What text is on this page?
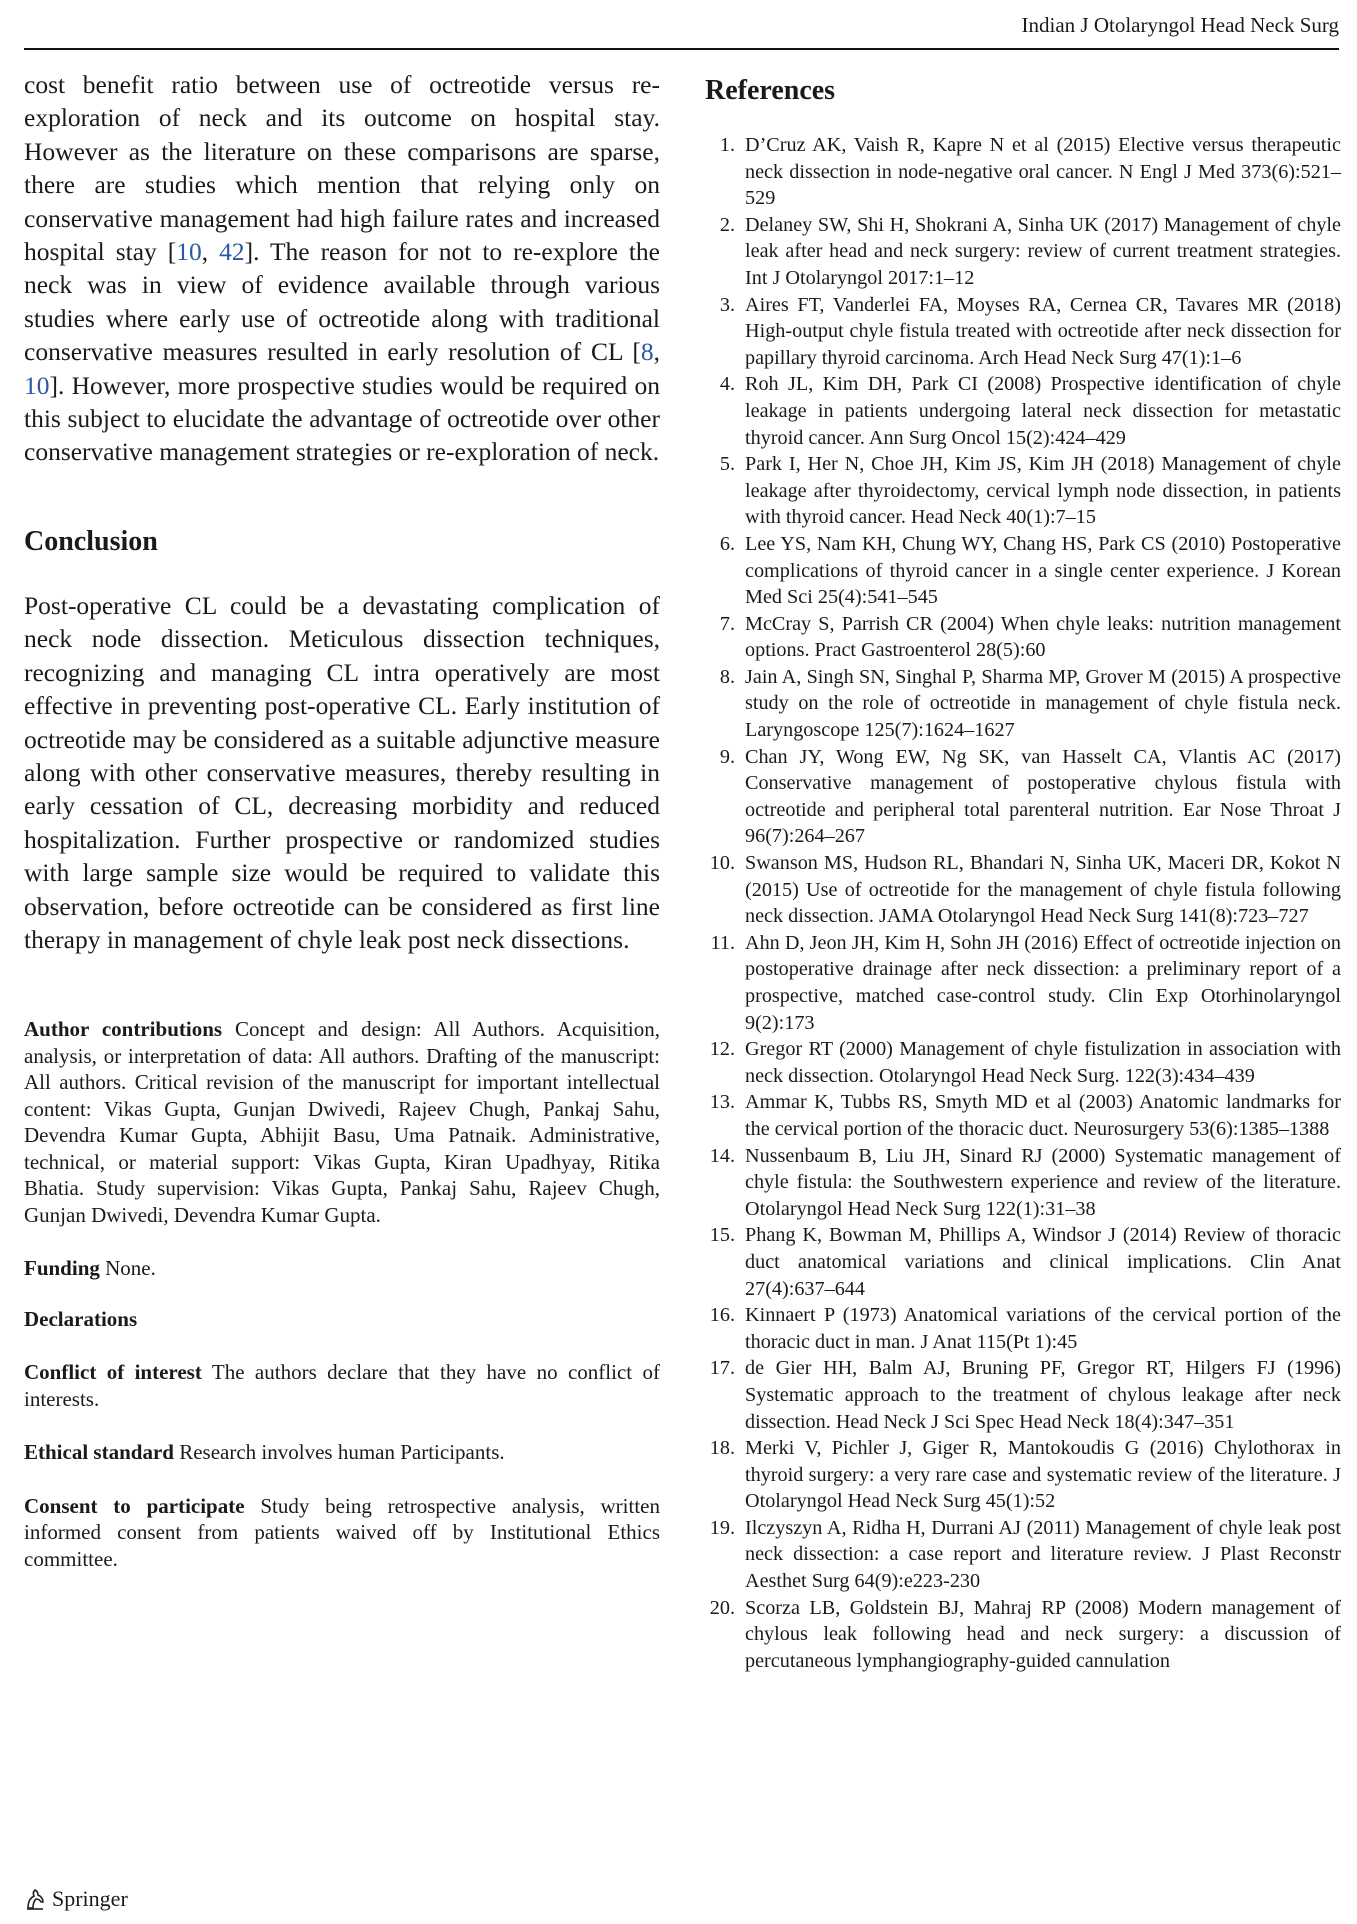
Indian J Otolaryngol Head Neck Surg

cost benefit ratio between use of octreotide versus re-exploration of neck and its outcome on hospital stay. However as the literature on these comparisons are sparse, there are studies which mention that relying only on conservative management had high failure rates and increased hospital stay [10, 42]. The reason for not to re-explore the neck was in view of evidence available through various studies where early use of octreotide along with traditional conservative measures resulted in early resolution of CL [8, 10]. However, more prospective studies would be required on this subject to elucidate the advantage of octreotide over other conservative management strategies or re-exploration of neck.

Conclusion

Post-operative CL could be a devastating complication of neck node dissection. Meticulous dissection techniques, recognizing and managing CL intra operatively are most effective in preventing post-operative CL. Early institution of octreotide may be considered as a suitable adjunctive measure along with other conservative measures, thereby resulting in early cessation of CL, decreasing morbidity and reduced hospitalization. Further prospective or randomized studies with large sample size would be required to validate this observation, before octreotide can be considered as first line therapy in management of chyle leak post neck dissections.

Author contributions Concept and design: All Authors. Acquisition, analysis, or interpretation of data: All authors. Drafting of the manuscript: All authors. Critical revision of the manuscript for important intellectual content: Vikas Gupta, Gunjan Dwivedi, Rajeev Chugh, Pankaj Sahu, Devendra Kumar Gupta, Abhijit Basu, Uma Patnaik. Administrative, technical, or material support: Vikas Gupta, Kiran Upadhyay, Ritika Bhatia. Study supervision: Vikas Gupta, Pankaj Sahu, Rajeev Chugh, Gunjan Dwivedi, Devendra Kumar Gupta.

Funding None.

Declarations

Conflict of interest The authors declare that they have no conflict of interests.

Ethical standard Research involves human Participants.

Consent to participate Study being retrospective analysis, written informed consent from patients waived off by Institutional Ethics committee.

References
1. D’Cruz AK, Vaish R, Kapre N et al (2015) Elective versus therapeutic neck dissection in node-negative oral cancer. N Engl J Med 373(6):521–529
2. Delaney SW, Shi H, Shokrani A, Sinha UK (2017) Management of chyle leak after head and neck surgery: review of current treatment strategies. Int J Otolaryngol 2017:1–12
3. Aires FT, Vanderlei FA, Moyses RA, Cernea CR, Tavares MR (2018) High-output chyle fistula treated with octreotide after neck dissection for papillary thyroid carcinoma. Arch Head Neck Surg 47(1):1–6
4. Roh JL, Kim DH, Park CI (2008) Prospective identification of chyle leakage in patients undergoing lateral neck dissection for metastatic thyroid cancer. Ann Surg Oncol 15(2):424–429
5. Park I, Her N, Choe JH, Kim JS, Kim JH (2018) Management of chyle leakage after thyroidectomy, cervical lymph node dissection, in patients with thyroid cancer. Head Neck 40(1):7–15
6. Lee YS, Nam KH, Chung WY, Chang HS, Park CS (2010) Postoperative complications of thyroid cancer in a single center experience. J Korean Med Sci 25(4):541–545
7. McCray S, Parrish CR (2004) When chyle leaks: nutrition management options. Pract Gastroenterol 28(5):60
8. Jain A, Singh SN, Singhal P, Sharma MP, Grover M (2015) A prospective study on the role of octreotide in management of chyle fistula neck. Laryngoscope 125(7):1624–1627
9. Chan JY, Wong EW, Ng SK, van Hasselt CA, Vlantis AC (2017) Conservative management of postoperative chylous fistula with octreotide and peripheral total parenteral nutrition. Ear Nose Throat J 96(7):264–267
10. Swanson MS, Hudson RL, Bhandari N, Sinha UK, Maceri DR, Kokot N (2015) Use of octreotide for the management of chyle fistula following neck dissection. JAMA Otolaryngol Head Neck Surg 141(8):723–727
11. Ahn D, Jeon JH, Kim H, Sohn JH (2016) Effect of octreotide injection on postoperative drainage after neck dissection: a preliminary report of a prospective, matched case-control study. Clin Exp Otorhinolaryngol 9(2):173
12. Gregor RT (2000) Management of chyle fistulization in association with neck dissection. Otolaryngol Head Neck Surg. 122(3):434–439
13. Ammar K, Tubbs RS, Smyth MD et al (2003) Anatomic landmarks for the cervical portion of the thoracic duct. Neurosurgery 53(6):1385–1388
14. Nussenbaum B, Liu JH, Sinard RJ (2000) Systematic management of chyle fistula: the Southwestern experience and review of the literature. Otolaryngol Head Neck Surg 122(1):31–38
15. Phang K, Bowman M, Phillips A, Windsor J (2014) Review of thoracic duct anatomical variations and clinical implications. Clin Anat 27(4):637–644
16. Kinnaert P (1973) Anatomical variations of the cervical portion of the thoracic duct in man. J Anat 115(Pt 1):45
17. de Gier HH, Balm AJ, Bruning PF, Gregor RT, Hilgers FJ (1996) Systematic approach to the treatment of chylous leakage after neck dissection. Head Neck J Sci Spec Head Neck 18(4):347–351
18. Merki V, Pichler J, Giger R, Mantokoudis G (2016) Chylothorax in thyroid surgery: a very rare case and systematic review of the literature. J Otolaryngol Head Neck Surg 45(1):52
19. Ilczyszyn A, Ridha H, Durrani AJ (2011) Management of chyle leak post neck dissection: a case report and literature review. J Plast Reconstr Aesthet Surg 64(9):e223-230
20. Scorza LB, Goldstein BJ, Mahraj RP (2008) Modern management of chylous leak following head and neck surgery: a discussion of percutaneous lymphangiography-guided cannulation
Springer
